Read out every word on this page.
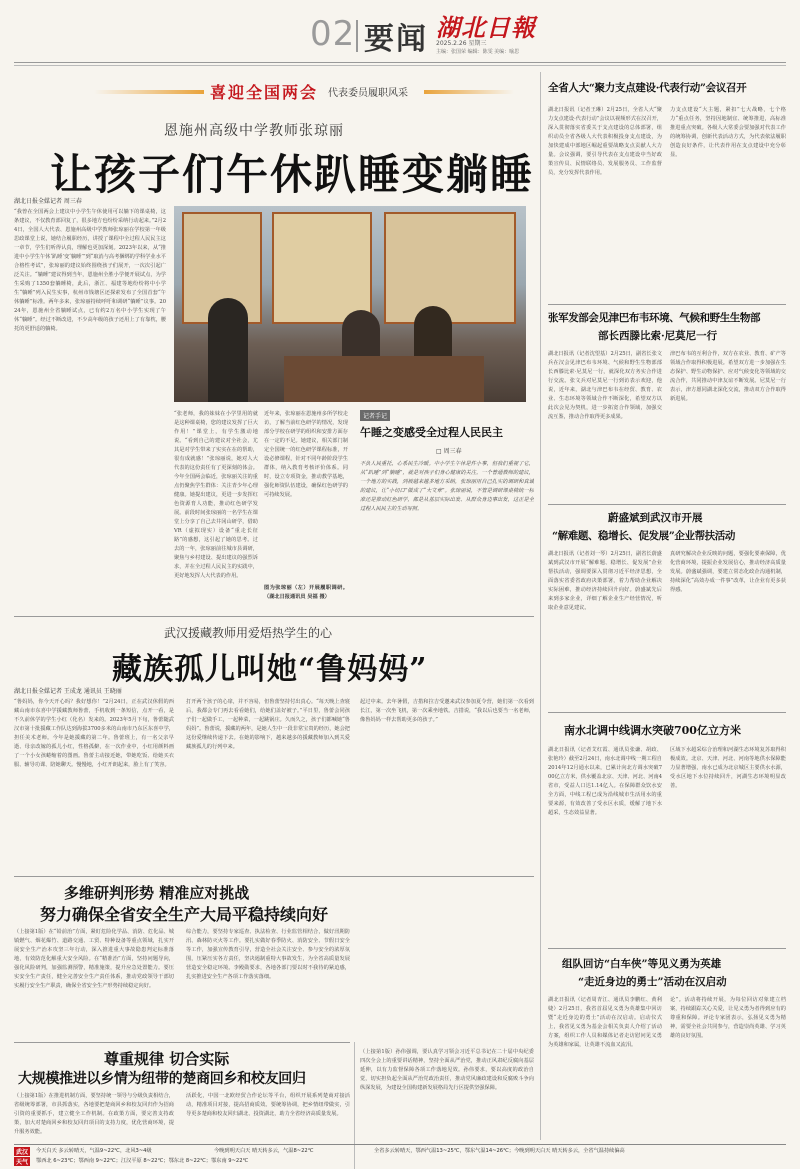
02 要闻 湖北日報
2025.2.26 星期三
主编：张国荣 编辑：陈雯 美编：喻思
喜迎全国两会 代表委员履职风采
恩施州高级中学教师张琼丽
让孩子们午休趴睡变躺睡
湖北日报全媒记者 周三春
“我曾在全国两会上建议中小学生午休使用可以躺下的课桌椅，这条建议，不仅教育部回复了，很多地方也纷纷采纳行动起来。”2月24日，全国人大代表、恩施州高级中学教师张琼丽在学校第一年级思政课堂上说，她结合履职经历，讲授了课程中全过程人民民主这一章节，学生们听得认真，理解也更加深刻。2023年以来，从“推进中小学生午休‘趴睡’变‘躺睡’”到“取消与高考捆绑的学科学业水平合格性考试”，张琼丽的建议始终围绕孩子们展开，一次次引起广泛关注。“躺睡”建议得到当年，恩施州全胜小学便开展试点，为学生采购了1350套躺睡椅，此后，浙江、福建等地纷纷将中小学生“躺睡”列入民生实事，杭州市钱塘区还探索发布了全国首套“午休躺睡”标准。两年多来，张琼丽持续呼吁和调研“躺睡”议事。2024年，恩施州全省躺睡试点，已有约2万名中小学生实现了午休“躺睡”。经过不断改进，不少高年级的孩子还用上了有靠枕，腰托的更舒适的躺椅。
“张老师，我的妹妹在小学里用的就是这种课桌椅，您的建议发挥了巨大作用！”课堂上，有学生激动地说。“看到自己的建议对全社会，尤其是对学生带来了实实在在的帮助，很有成就感！”张琼丽说，她对人大代表的这份责任有了更深刻的体会。今年全国两会临近，张琼丽关注的重点仍聚焦学生群体：关注青少年心理健康。她提出建议，更进一步发挥红色资源育人功能，推动红色研学发展。前段时间张琼丽的一名学生在课堂上分享了自己去井冈山研学，借助VR（虚拟现实）设备“重走长征路”的感想，这引起了她的思考。过去的一年，张琼丽前往城市县调研，聚焦与乡村建设、提出建议的强烈诉求，并在全过程人民民主的实践中，更好地发挥人大代表的作用。
近年来，张琼丽在恩施州多所学校走访，了解当前红色研学的情况，发现部分学校在研学的组织和安排方面存在一定的不足。她建议，相关部门制定全国统一的红色研学课程标准，开设必修课程，针对不同年龄阶段学生群体，纳入教育考核评价体系。同时，设立专项资金，推动教学基地，强化师资队伍建设，确保红色研学的可持续发展。
图为张琼丽（左）开展履职调研。（湖北日报通讯员 吴福 摄）
记者手记
午睡之变感受全过程人民民主
□ 周三春
不负人民重托，心系民生冷暖。中小学生午休是件小事，但我们重视了它，从“趴睡”到“躺睡”，就是对孩子们身心健康的关注。一个普通教师的建议，一个地方的实践，到被越来越多地方采纳，张琼丽用自己扎实的调研和真诚的建议，让“小切口”做成了“大文章”。张琼丽说，不管是调研课桌椅统一标准还是推动红色研学，都是从基层实际出发、从群众身边事出发，这正是全过程人民民主的生动写照。
武汉援藏教师用爱焐热学生的心
藏族孤儿叫她“鲁妈妈”
湖北日报全媒记者 王成龙 通讯员 王晓丽
“鲁妈妈，你今天开心吗？我好想你！”2月24日，正在武汉休假的西藏山南市东喜中学援藏教师鲁蕾，手机收到一条短信，点开一看，是不久前休学的学生小红（化名）发来的。2023年5月下旬，鲁蕾随武汉市第十批援藏工作队达到海拔3700多米的山南市乃东区东喜中学，担任美术老师。今年是她援藏的第二年。鲁蕾班上，有一名父亲早逝、母亲改嫁的孤儿小红，性格孤僻，在一次作业中，小红用颜料画了一个小女孩蜷缩着的图画。鲁蕾主动接近她，带她吃饭、给她买衣服、辅导功课、陪她聊天。慢慢地，小红开朗起来，脸上有了笑容。
打开两个孩子的心扉，并不容易，但鲁蕾坚持付出真心。“每天晚上查寝后，我都会专门再去看看她们，给她们盖好被子。”平日里，鲁蕾会同孩子们一起做手工，一起种菜，一起跳锅庄。久而久之，孩子们都喊她“鲁妈妈”。鲁蕾说，援藏的两年，是她人生中一段非常宝贵的经历，她会把这份爱继续传递下去。在她的影响下，越来越多的援藏教师加入到关爱藏族孤儿的行列中来。
起过中来。去年暑假，吉措和拉吉受邀来武汉参加夏令营，她们第一次看到长江，第一次坐飞机，第一次乘坐地铁。吉措说，“我以后也要当一名老师，像鲁妈妈一样去帮助更多的孩子。”
多维研判形势 精准应对挑战
努力确保全省安全生产大局平稳持续向好
（上接第1版）在“铅前治”方面，紧盯危险化学品、消防、危化品、城镇燃气、烟花爆竹、道路交通、工贸、特种设备等重点领域，扎实开展安全生产治本攻坚三年行动，深入推进重大事故隐患判定标准落地，有效防范化解重大安全风险。在“精准治”方面，坚持问题导向，强化风险研判，加强监测预警，精准施策，提升应急处置能力。要压实安全生产责任，健全完善安全生产责任体系，推动党政领导干部切实履行安全生产职责，确保全省安全生产形势持续稳定向好。
综合能力，要坚持专家巡查、执法检查、行业监管相结合，做好汛期防汛、森林防灭火等工作。要扎实做好春季防火、消防安全、节假日安全等工作，加强宣传教育引导，营造全社会关注安全、参与安全的浓厚氛围，压紧压实各方责任，坚决遏制重特大事故发生，为全省高质量发展营造安全稳定环境。李殿勋要求，各地各部门要以时不我待的紧迫感，扎实推进安全生产各项工作落实落细。
尊重规律 切合实际
大规模推进以乡情为纽带的楚商回乡和校友回归
（上接第1版）在推进机制方面，要坚持统一领导与分级负责相结合，省级统筹部署，市县抓落实，各地要把楚商回乡和校友回归作为招商引资的重要抓手，建立健全工作机制。在政策方面，要完善支持政策，加大对楚商回乡和校友回归项目的支持力度，优化营商环境，提升服务效能。
活跃化，中国一北欧经贸合作论坛等平台，组织开展系列楚商对接活动，精准项目对接，提高招商质效。要统筹协调，把乡情纽带做实，引导更多楚商和校友回归湖北、投资湖北，助力全省经济高质量发展。
（上接第1版）孙伟强调，要认真学习领会习近平总书记在二十届中央纪委四次全会上的重要讲话精神，坚持全面从严治党，推动正风肃纪反腐向基层延伸，以有力监督保障各项工作落地见效。孙伟要求，要以高度的政治自觉，切实担负起全面从严治党政治责任，推动党风廉政建设和反腐败斗争向纵深发展，为建设全国构建新发展格局先行区提供坚强保障。
全省人大“聚力支点建设·代表行动”会议召开
湖北日报讯（记者王琳）2月25日，全省人大“聚力支点建设·代表行动”会议以视频形式在汉召开，深入贯彻落实省委关于支点建设的总体部署，组织动员全省各级人大代表积极投身支点建设，为加快建成中部地区崛起重要战略支点贡献人大力量。会议强调，要引导代表在支点建设中当好政策宣传员、民情联络员、发展服务员、工作监督员，充分发挥代表作用。
力支点建设“大主题，紧扣”七大战略，七个格力“重点任务，坚持因地制宜、统筹推进，高标准推进重点突破。各级人大常委会要加强对代表工作的统筹协调，创新代表活动方式，为代表依法履职创造良好条件，让代表作用在支点建设中充分彰显。
张军发部会见津巴布韦环境、气候和野生生物部
部长西滕比索·尼莫尼一行
湖北日报讯（记者沈望基）2月25日，副省长张文兵在汉会见津巴布韦环境、气候和野生生物部部长西滕比索·尼莫尼一行，就深化双方务实合作进行交流。张文兵对尼莫尼一行到访表示欢迎，他说，近年来，湖北与津巴布韦在经贸、教育、农业、生态环境等领域合作不断深化，希望双方以此次会见为契机，进一步拓宽合作领域，加强交流互鉴，推动合作取得更多成果。
津巴布韦的互利合作，双方在农业、教育、矿产等领域合作取得积极进展。希望双方进一步加强在生态保护、野生动物保护、应对气候变化等领域的交流合作，共同推动中津友谊不断发展。尼莫尼一行表示，津方愿同湖北深化交流，推动双方合作取得新进展。
蔚盛斌到武汉市开展
“解难题、稳增长、促发展”企业帮扶活动
湖北日报讯（记者刘一琴）2月25日，副省长蔚盛斌到武汉市开展“解难题、稳增长、促发展”企业帮扶活动，强调要深入贯彻习近平经济思想，全面落实省委省政府决策部署，着力帮助企业解决实际困难，推动经济持续回升向好。蔚盛斌先后来到多家企业，详细了解企业生产经营情况，听取企业意见建议。
真研究解决企业反映的问题，要强化要素保障，优化营商环境，提振企业发展信心，推动经济高质量发展。蔚盛斌强调，要建立常态化政企沟通机制，持续深化“高效办成一件事”改革，让企业有更多获得感。
南水北调中线调水突破700亿立方米
湖北日报讯（记者艾红霞、通讯员张谦、胡政、张艳玲）截至2月24日，南水北调中线一期工程自2014年12月通水以来，已累计向北方调水突破700亿立方米，供水覆盖北京、天津、河北、河南4省市，受益人口达1.14亿人。在保障群众饮水安全方面，中线工程已成为沿线城市生活用水的重要来源，有效改善了受水区水质，缓解了地下水超采，生态效益显著。
区域下水超采综合治理和河湖生态环境复苏取得积极成效。北京、天津、河北、河南等地供水保障能力显著增强，南水已成为北京城区主要供水水源，受水区地下水位持续回升，河湖生态环境明显改善。
组队回访“白车侠”等见义勇为英雄
“走近身边的勇士”活动在汉启动
湖北日报讯（记者周青江、通讯员李鹏红、黄利婕）2月25日，我省首届见义勇为英雄集中回访暨“走近身边的勇士”活动在汉启动。启动仪式上，我省见义勇为基金会相关负责人介绍了活动方案，组织工作人员和媒体记者走访慰问见义勇为英雄和家属，让英雄不流血又流泪。
论”。活动将持续开展，为每位回访对象建立档案，持续跟踪关心关爱，让见义勇为者得到应有的尊重和保障。评论专家团表示，弘扬见义勇为精神，需要全社会共同参与，营造崇尚英雄、学习英雄的良好氛围。
武汉	今天白天 多云转晴天，气温9~22℃，北风3~4级	今晚到明天白天 晴天转多云，气温8~22℃	全省多云转晴天，鄂西气温13~25℃，鄂东气温14~26℃；今晚到明天白天 晴天转多云，全省气温持续偏高
天气	鄂西北 6~23℃；鄂西南 9~22℃；江汉平原 8~22℃；鄂东北 8~22℃；鄂东南 9~22℃
